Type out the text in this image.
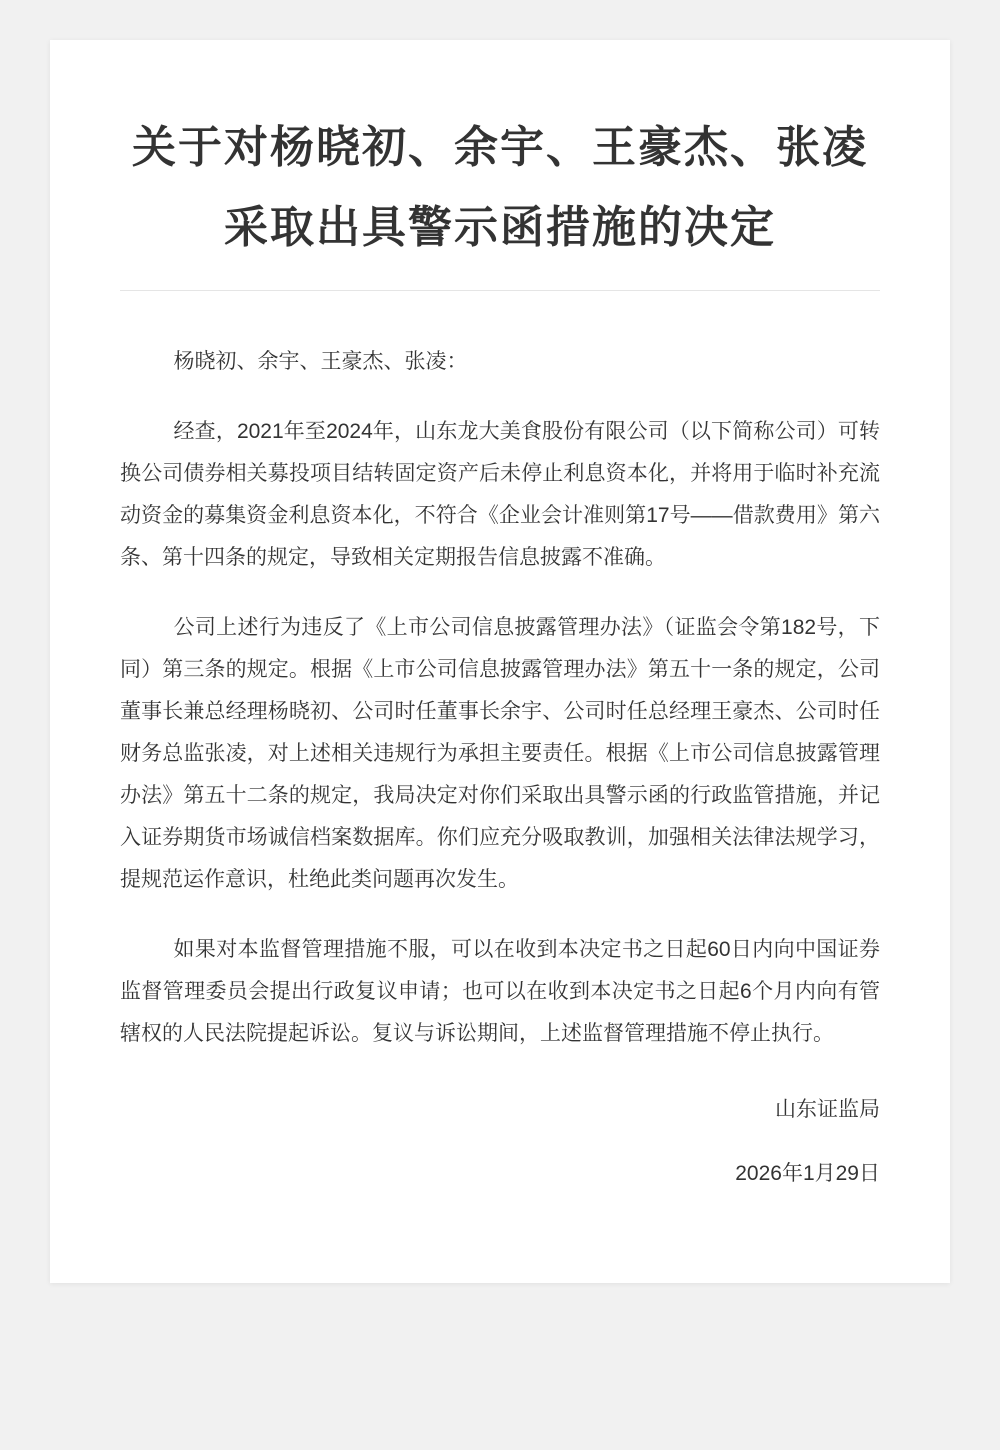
关于对杨晓初、余宇、王豪杰、张凌采取出具警示函措施的决定

杨晓初、余宇、王豪杰、张凌：

经查，2021年至2024年，山东龙大美食股份有限公司（以下简称公司）可转换公司债券相关募投项目结转固定资产后未停止利息资本化，并将用于临时补充流动资金的募集资金利息资本化，不符合《企业会计准则第17号——借款费用》第六条、第十四条的规定，导致相关定期报告信息披露不准确。

公司上述行为违反了《上市公司信息披露管理办法》（证监会令第182号，下同）第三条的规定。根据《上市公司信息披露管理办法》第五十一条的规定，公司董事长兼总经理杨晓初、公司时任董事长余宇、公司时任总经理王豪杰、公司时任财务总监张凌，对上述相关违规行为承担主要责任。根据《上市公司信息披露管理办法》第五十二条的规定，我局决定对你们采取出具警示函的行政监管措施，并记入证券期货市场诚信档案数据库。你们应充分吸取教训，加强相关法律法规学习，提规范运作意识，杜绝此类问题再次发生。

如果对本监督管理措施不服，可以在收到本决定书之日起60日内向中国证券监督管理委员会提出行政复议申请；也可以在收到本决定书之日起6个月内向有管辖权的人民法院提起诉讼。复议与诉讼期间，上述监督管理措施不停止执行。

山东证监局

2026年1月29日
